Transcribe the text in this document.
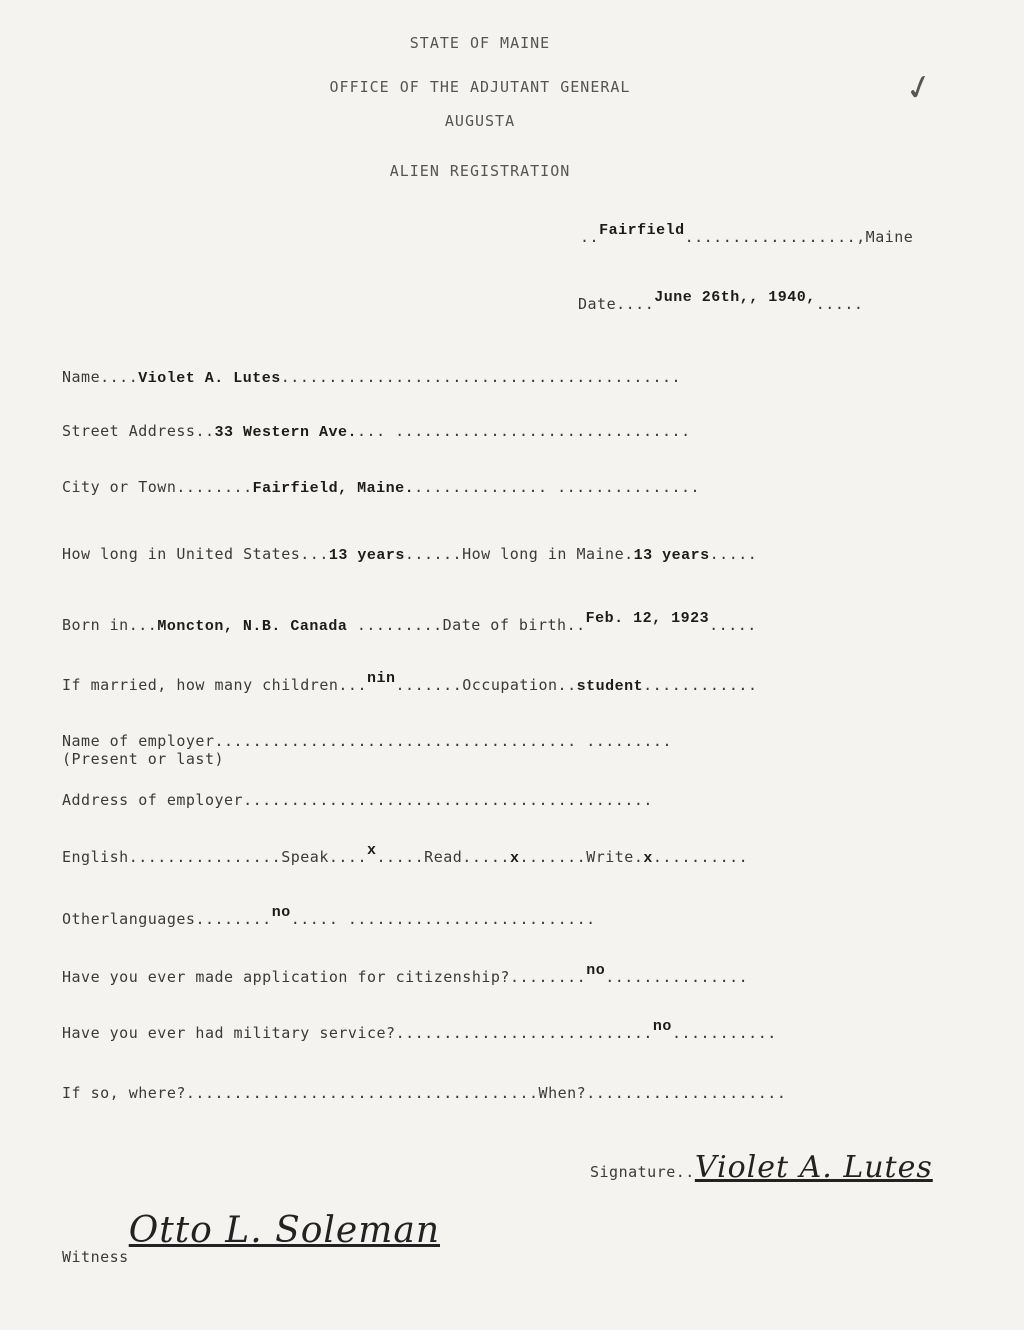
STATE OF MAINE
OFFICE OF THE ADJUTANT GENERAL
AUGUSTA
ALIEN REGISTRATION
✓
..Fairfield..................,Maine
Date....June 26th,, 1940,.....
Name....Violet A. Lutes..........................................
Street Address..33 Western Ave.... ...............................
City or Town........Fairfield, Maine............... ...............
How long in United States...13 years......How long in Maine.13 years.....
Born in...Moncton, N.B. Canada .........Date of birth..Feb. 12, 1923.....
If married, how many children...nin.......Occupation..student............
Name of employer...................................... .........
(Present or last)
Address of employer...........................................
English................Speak....x.....Read.....x.......Write.x..........
Otherlanguages........no..... ..........................
Have you ever made application for citizenship?........no...............
Have you ever had military service?...........................no...........
If so, where?.....................................When?.....................
Signature..Violet A. Lutes
WitnessOtto L. Soleman
